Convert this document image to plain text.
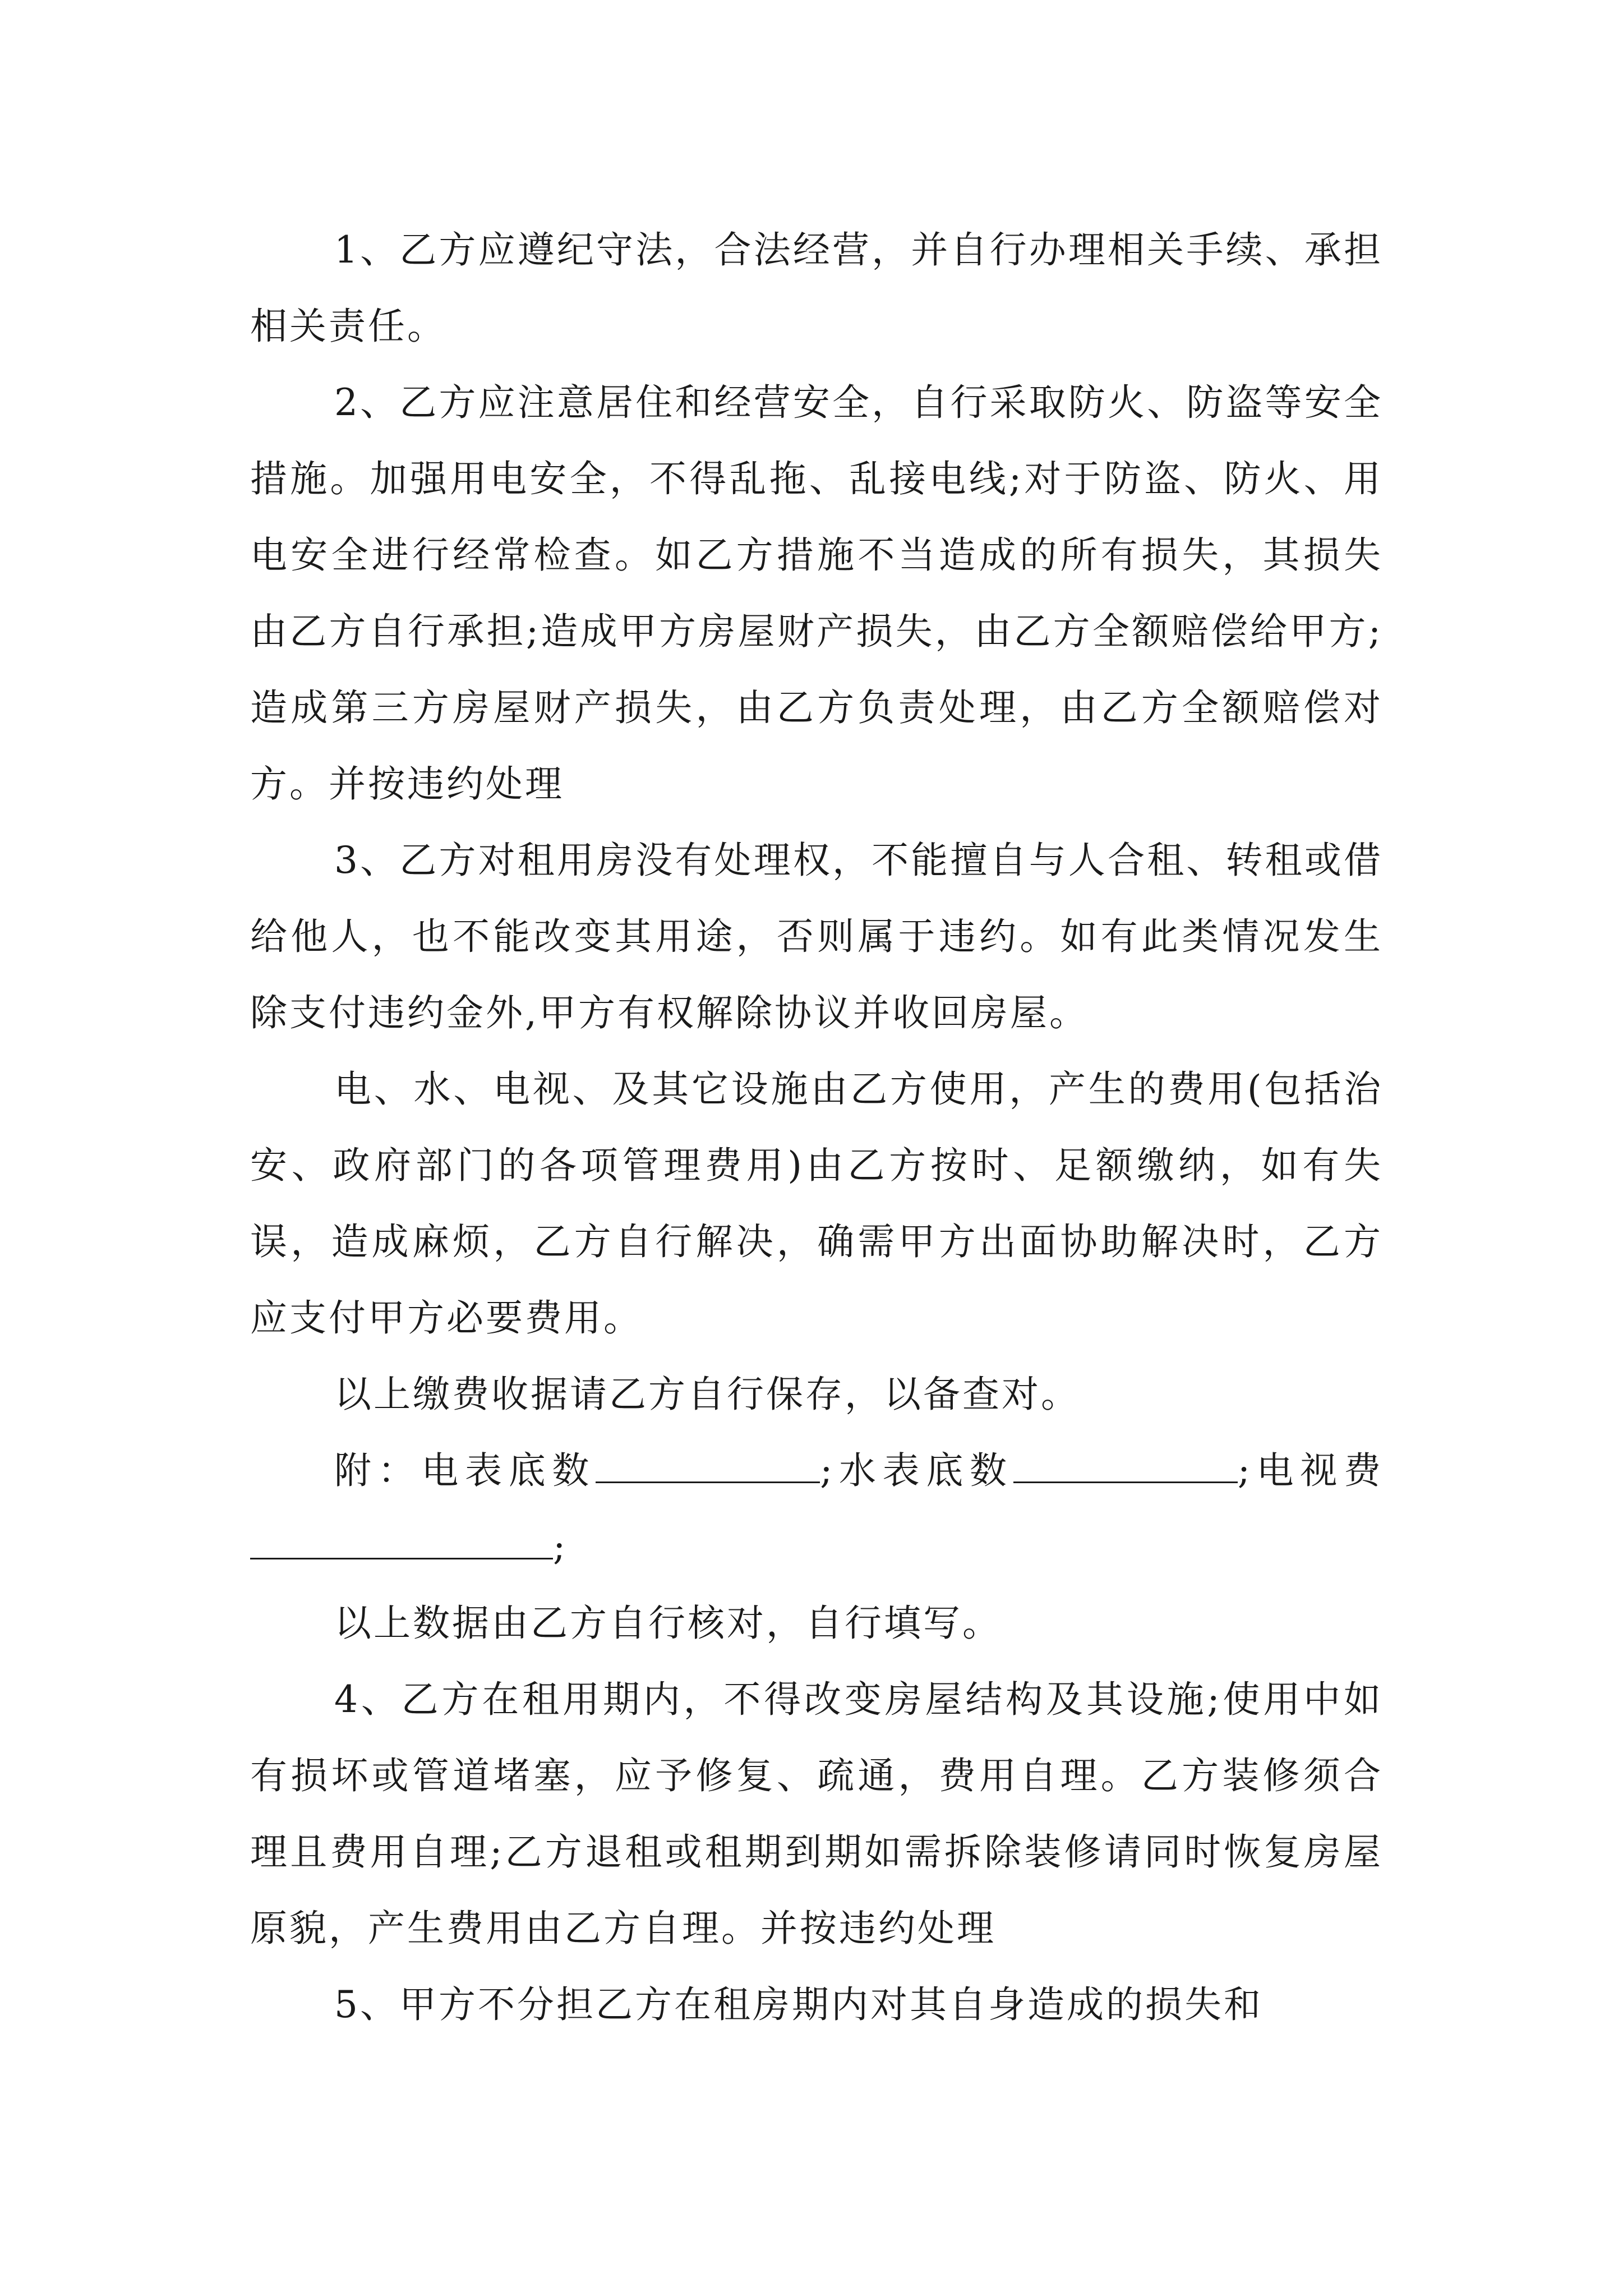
1、乙方应遵纪守法，合法经营，并自行办理相关手续、承担相关责任。

2、乙方应注意居住和经营安全，自行采取防火、防盗等安全措施。加强用电安全，不得乱拖、乱接电线;对于防盗、防火、用电安全进行经常检查。如乙方措施不当造成的所有损失，其损失由乙方自行承担;造成甲方房屋财产损失，由乙方全额赔偿给甲方;造成第三方房屋财产损失，由乙方负责处理，由乙方全额赔偿对方。并按违约处理

3、乙方对租用房没有处理权，不能擅自与人合租、转租或借给他人，也不能改变其用途，否则属于违约。如有此类情况发生除支付违约金外,甲方有权解除协议并收回房屋。

电、水、电视、及其它设施由乙方使用，产生的费用(包括治安、政府部门的各项管理费用)由乙方按时、足额缴纳，如有失误，造成麻烦，乙方自行解决，确需甲方出面协助解决时，乙方应支付甲方必要费用。

以上缴费收据请乙方自行保存，以备查对。

附：电表底数	;水表底数	;电视费;

以上数据由乙方自行核对，自行填写。

4、乙方在租用期内，不得改变房屋结构及其设施;使用中如有损坏或管道堵塞，应予修复、疏通，费用自理。乙方装修须合理且费用自理;乙方退租或租期到期如需拆除装修请同时恢复房屋原貌，产生费用由乙方自理。并按违约处理

5、甲方不分担乙方在租房期内对其自身造成的损失和
